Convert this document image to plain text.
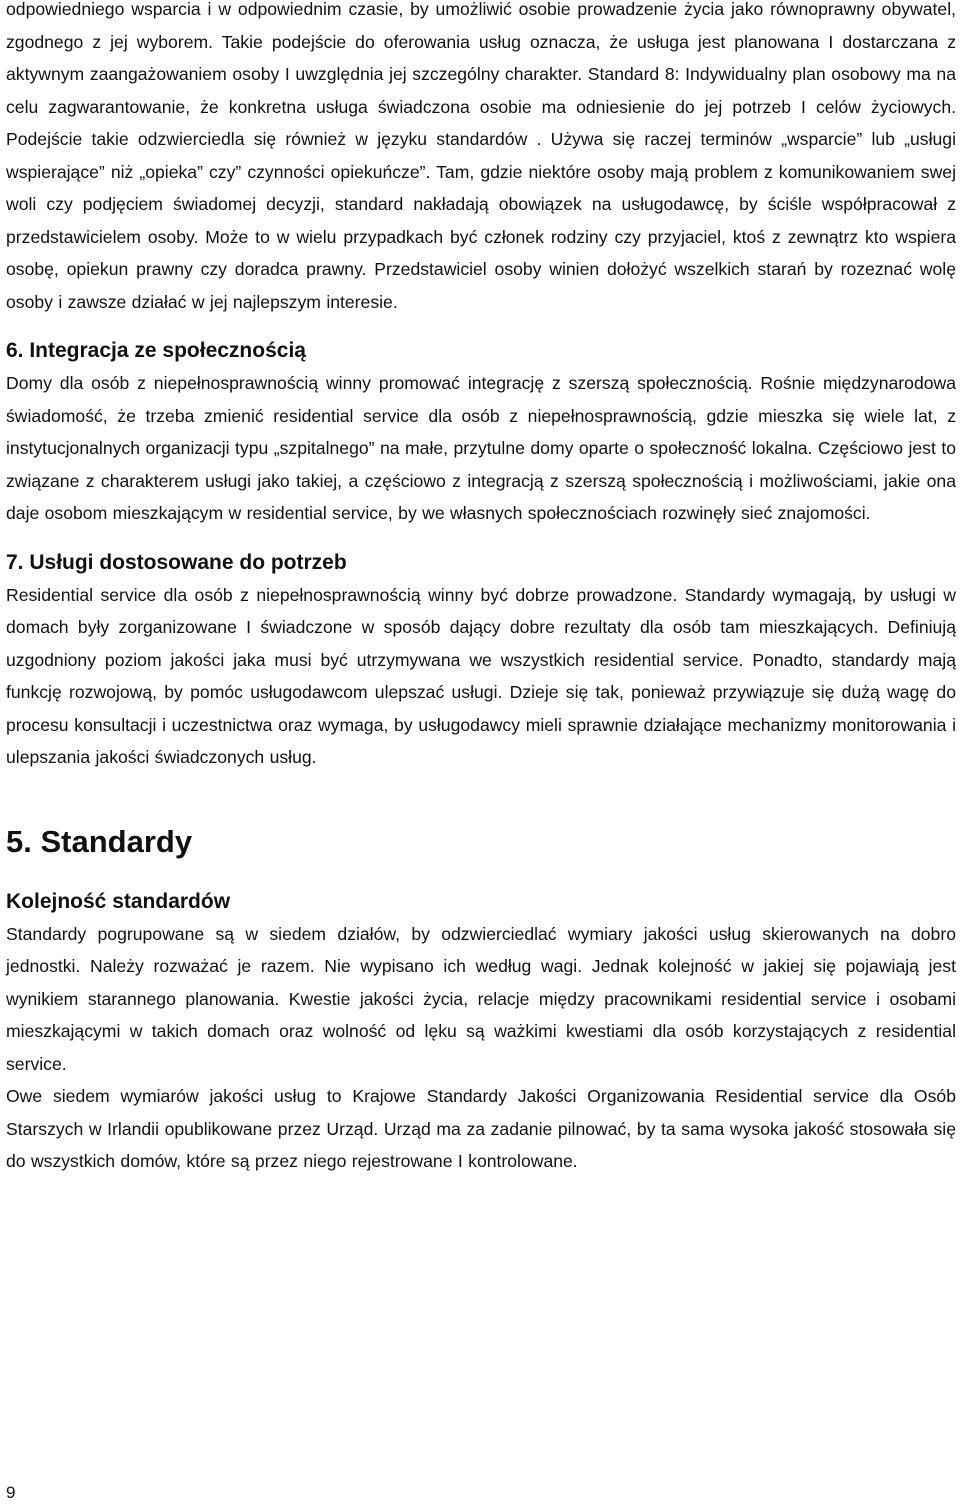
odpowiedniego wsparcia i w odpowiednim czasie, by umożliwić osobie prowadzenie życia jako równoprawny obywatel, zgodnego z jej wyborem. Takie podejście do oferowania usług oznacza, że usługa jest planowana I dostarczana z aktywnym zaangażowaniem osoby I uwzględnia jej szczególny charakter. Standard 8: Indywidualny plan osobowy ma na celu zagwarantowanie, że konkretna usługa świadczona osobie ma odniesienie do jej potrzeb I celów życiowych. Podejście takie odzwierciedla się również w języku standardów . Używa się raczej terminów „wsparcie” lub „usługi wspierające” niż „opieka” czy” czynności opiekuńcze”. Tam, gdzie niektóre osoby mają problem z komunikowaniem swej woli czy podjęciem świadomej decyzji, standard nakładają obowiązek na usługodawcę, by ściśle współpracował z przedstawicielem osoby. Może to w wielu przypadkach być członek rodziny czy przyjaciel, ktoś z zewnątrz kto wspiera osobę, opiekun prawny czy doradca prawny. Przedstawiciel osoby winien dołożyć wszelkich starań by rozeznać wolę osoby i zawsze działać w jej najlepszym interesie.

6. Integracja ze społecznością

Domy dla osób z niepełnosprawnością winny promować integrację z szerszą społecznością. Rośnie międzynarodowa świadomość, że trzeba zmienić residential service dla osób z niepełnosprawnością, gdzie mieszka się wiele lat, z instytucjonalnych organizacji typu „szpitalnego” na małe, przytulne domy oparte o społeczność lokalna. Częściowo jest to związane z charakterem usługi jako takiej, a częściowo z integracją z szerszą społecznością i możliwościami, jakie ona daje osobom mieszkającym w residential service, by we własnych społecznościach rozwinęły sieć znajomości.

7. Usługi dostosowane do potrzeb

Residential service dla osób z niepełnosprawnością winny być dobrze prowadzone. Standardy wymagają, by usługi w domach były zorganizowane I świadczone w sposób dający dobre rezultaty dla osób tam mieszkających. Definiują uzgodniony poziom jakości jaka musi być utrzymywana we wszystkich residential service. Ponadto, standardy mają funkcję rozwojową, by pomóc usługodawcom ulepszać usługi. Dzieje się tak, ponieważ przywiązuje się dużą wagę do procesu konsultacji i uczestnictwa oraz wymaga, by usługodawcy mieli sprawnie działające mechanizmy monitorowania i ulepszania jakości świadczonych usług.

5. Standardy
Kolejność standardów

Standardy pogrupowane są w siedem działów, by odzwierciedlać wymiary jakości usług skierowanych na dobro jednostki. Należy rozważać je razem. Nie wypisano ich według wagi. Jednak kolejność w jakiej się pojawiają jest wynikiem starannego planowania. Kwestie jakości życia, relacje między pracownikami residential service i osobami mieszkającymi w takich domach oraz wolność od lęku są ważkimi kwestiami dla osób korzystających z residential service.

Owe siedem wymiarów jakości usług to Krajowe Standardy Jakości Organizowania Residential service dla Osób Starszych w Irlandii opublikowane przez Urząd. Urząd ma za zadanie pilnować, by ta sama wysoka jakość stosowała się do wszystkich domów, które są przez niego rejestrowane I kontrolowane.

9
